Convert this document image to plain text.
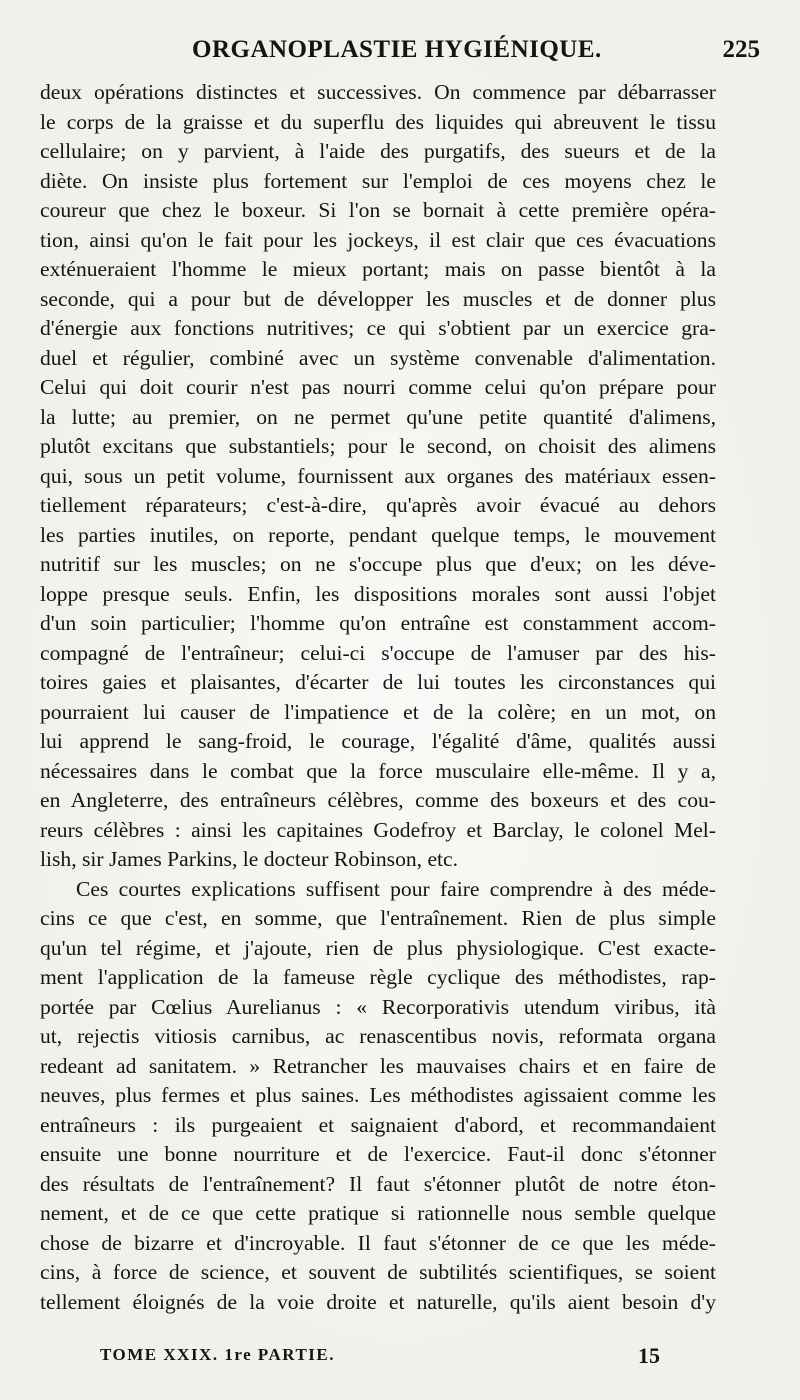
ORGANOPLASTIE HYGIÉNIQUE.	225
deux opérations distinctes et successives. On commence par débarrasser
le corps de la graisse et du superflu des liquides qui abreuvent le tissu
cellulaire; on y parvient, à l'aide des purgatifs, des sueurs et de la
diète. On insiste plus fortement sur l'emploi de ces moyens chez le
coureur que chez le boxeur. Si l'on se bornait à cette première opéra-
tion, ainsi qu'on le fait pour les jockeys, il est clair que ces évacuations
exténueraient l'homme le mieux portant; mais on passe bientôt à la
seconde, qui a pour but de développer les muscles et de donner plus
d'énergie aux fonctions nutritives; ce qui s'obtient par un exercice gra-
duel et régulier, combiné avec un système convenable d'alimentation.
Celui qui doit courir n'est pas nourri comme celui qu'on prépare pour
la lutte; au premier, on ne permet qu'une petite quantité d'alimens,
plutôt excitans que substantiels; pour le second, on choisit des alimens
qui, sous un petit volume, fournissent aux organes des matériaux essen-
tiellement réparateurs; c'est-à-dire, qu'après avoir évacué au dehors
les parties inutiles, on reporte, pendant quelque temps, le mouvement
nutritif sur les muscles; on ne s'occupe plus que d'eux; on les déve-
loppe presque seuls. Enfin, les dispositions morales sont aussi l'objet
d'un soin particulier; l'homme qu'on entraîne est constamment accom-
compagné de l'entraîneur; celui-ci s'occupe de l'amuser par des his-
toires gaies et plaisantes, d'écarter de lui toutes les circonstances qui
pourraient lui causer de l'impatience et de la colère; en un mot, on
lui apprend le sang-froid, le courage, l'égalité d'âme, qualités aussi
nécessaires dans le combat que la force musculaire elle-même. Il y a,
en Angleterre, des entraîneurs célèbres, comme des boxeurs et des cou-
reurs célèbres : ainsi les capitaines Godefroy et Barclay, le colonel Mel-
lish, sir James Parkins, le docteur Robinson, etc.
Ces courtes explications suffisent pour faire comprendre à des méde-
cins ce que c'est, en somme, que l'entraînement. Rien de plus simple
qu'un tel régime, et j'ajoute, rien de plus physiologique. C'est exacte-
ment l'application de la fameuse règle cyclique des méthodistes, rap-
portée par Cœlius Aurelianus : « Recorporativis utendum viribus, ità
ut, rejectis vitiosis carnibus, ac renascentibus novis, reformata organa
redeant ad sanitatem. » Retrancher les mauvaises chairs et en faire de
neuves, plus fermes et plus saines. Les méthodistes agissaient comme les
entraîneurs : ils purgeaient et saignaient d'abord, et recommandaient
ensuite une bonne nourriture et de l'exercice. Faut-il donc s'étonner
des résultats de l'entraînement? Il faut s'étonner plutôt de notre éton-
nement, et de ce que cette pratique si rationnelle nous semble quelque
chose de bizarre et d'incroyable. Il faut s'étonner de ce que les méde-
cins, à force de science, et souvent de subtilités scientifiques, se soient
tellement éloignés de la voie droite et naturelle, qu'ils aient besoin d'y
TOME XXIX. 1re PARTIE.	15
